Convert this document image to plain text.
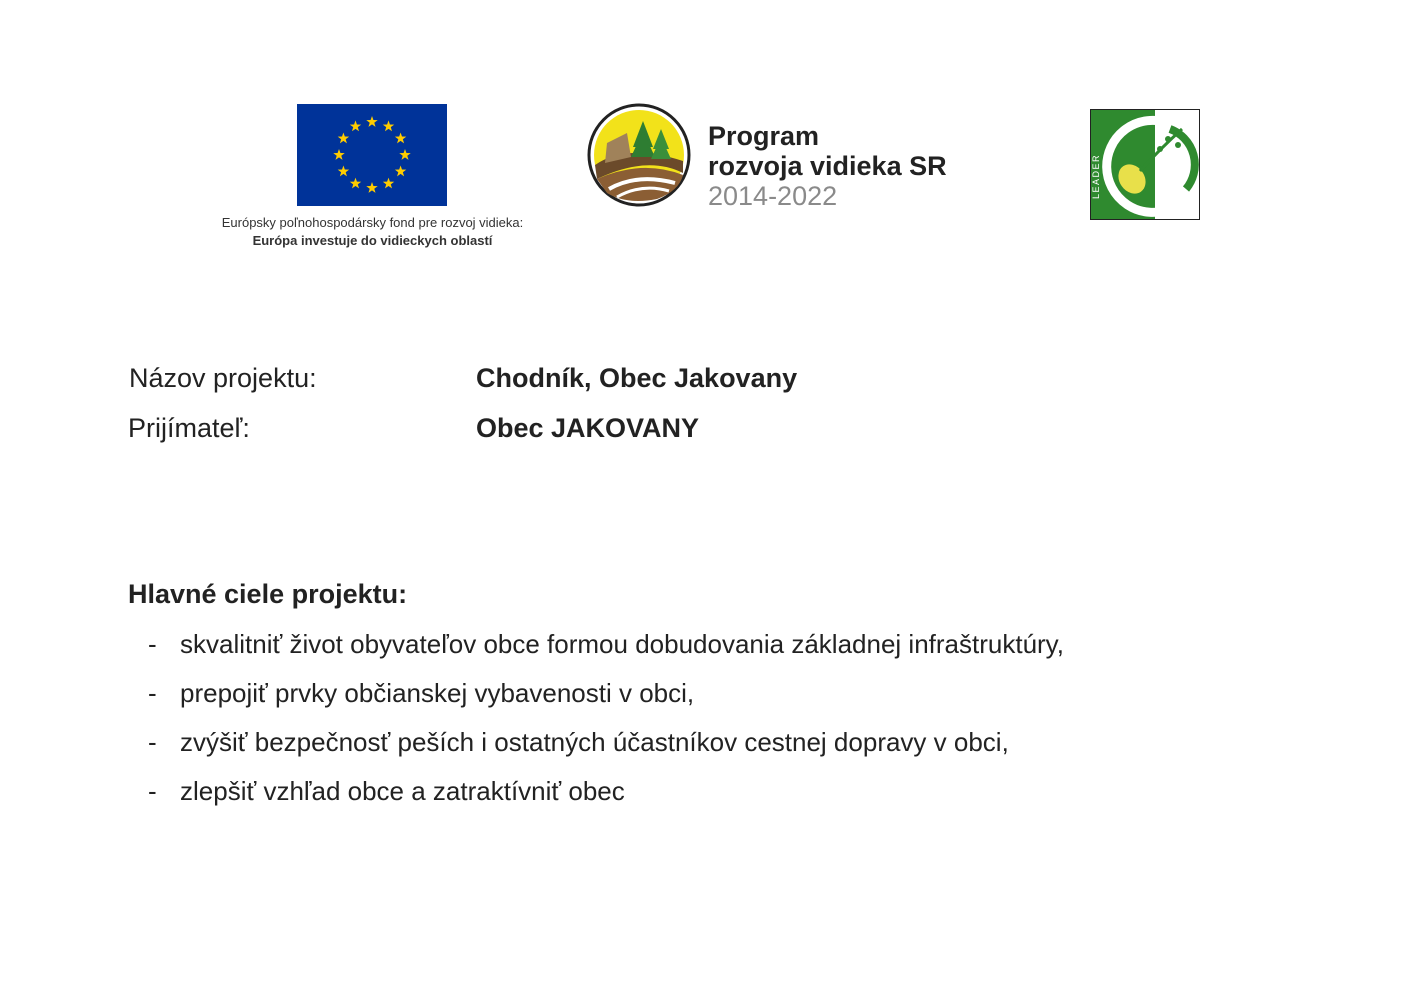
Európsky poľnohospodársky fond pre rozvoj vidieka:
Európa investuje do vidieckych oblastí
Program
rozvoja vidieka SR
2014-2022	LEADER
Názov projektu:	Chodník, Obec Jakovany
Prijímateľ:	Obec JAKOVANY
Hlavné ciele projektu:
- skvalitniť život obyvateľov obce formou dobudovania základnej infraštruktúry,
- prepojiť prvky občianskej vybavenosti v obci,
- zvýšiť bezpečnosť peších i ostatných účastníkov cestnej dopravy v obci,
- zlepšiť vzhľad obce a zatraktívniť obec
